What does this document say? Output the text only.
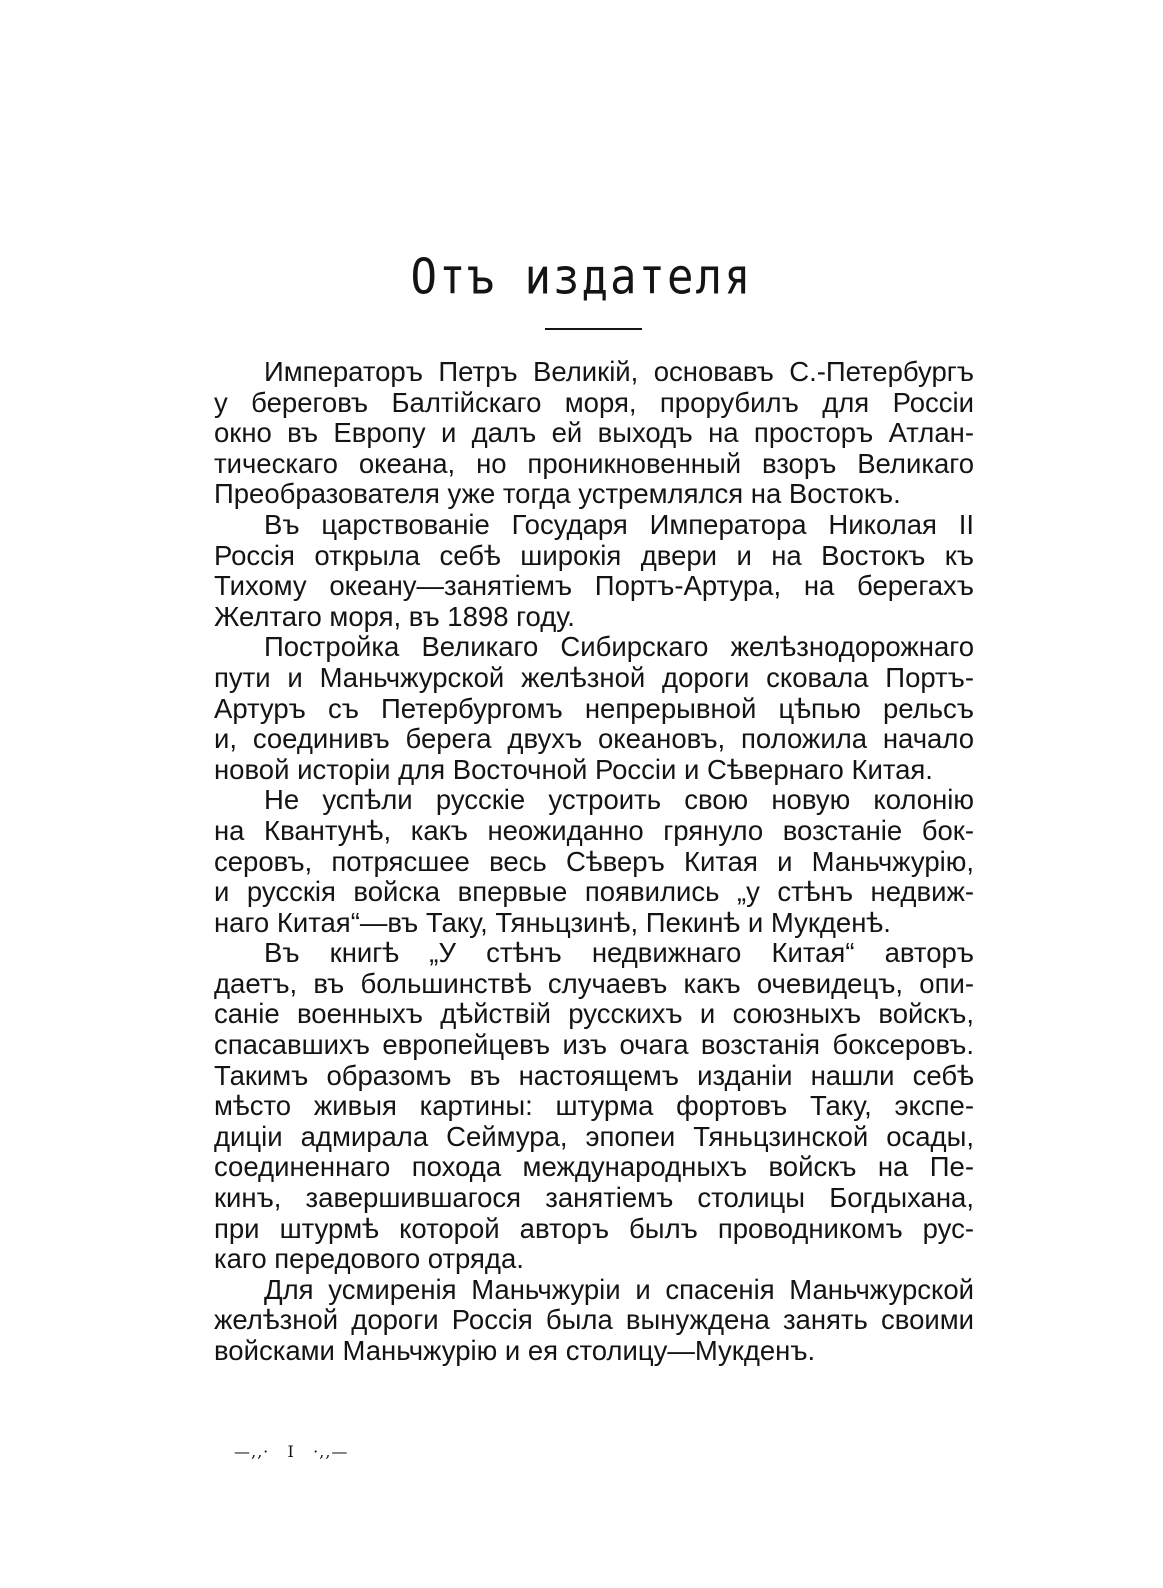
Отъ издателя

Императоръ Петръ Великій, основавъ С.-Петербургъ
у береговъ Балтійскаго моря, прорубилъ для Россіи
окно въ Европу и далъ ей выходъ на просторъ Атлан-
тическаго океана, но проникновенный взоръ Великаго
Преобразователя уже тогда устремлялся на Востокъ.

Въ царствованіе Государя Императора Николая II
Россія открыла себѣ широкія двери и на Востокъ къ
Тихому океану—занятіемъ Портъ-Артура, на берегахъ
Желтаго моря, въ 1898 году.

Постройка Великаго Сибирскаго желѣзнодорожнаго
пути и Маньчжурской желѣзной дороги сковала Портъ-
Артуръ съ Петербургомъ непрерывной цѣпью рельсъ
и, соединивъ берега двухъ океановъ, положила начало
новой исторіи для Восточной Россіи и Сѣвернаго Китая.

Не успѣли русскіе устроить свою новую колонію
на Квантунѣ, какъ неожиданно грянуло возстаніе бок-
серовъ, потрясшее весь Сѣверъ Китая и Маньчжурію,
и русскія войска впервые появились „у стѣнъ недвиж-
наго Китая“—въ Таку, Тяньцзинѣ, Пекинѣ и Мукденѣ.

Въ книгѣ „У стѣнъ недвижнаго Китая“ авторъ
даетъ, въ большинствѣ случаевъ какъ очевидецъ, опи-
саніе военныхъ дѣйствій русскихъ и союзныхъ войскъ,
спасавшихъ европейцевъ изъ очага возстанія боксеровъ.
Такимъ образомъ въ настоящемъ изданіи нашли себѣ
мѣсто живыя картины: штурма фортовъ Таку, экспе-
диціи адмирала Сеймура, эпопеи Тяньцзинской осады,
соединеннаго похода международныхъ войскъ на Пе-
кинъ, завершившагося занятіемъ столицы Богдыхана,
при штурмѣ которой авторъ былъ проводникомъ рус-
каго передового отряда.

Для усмиренія Маньчжуріи и спасенія Маньчжурской
желѣзной дороги Россія была вынуждена занять своими
войсками Маньчжурію и ея столицу—Мукденъ.

—‚‚·   I   ·‚‚—
